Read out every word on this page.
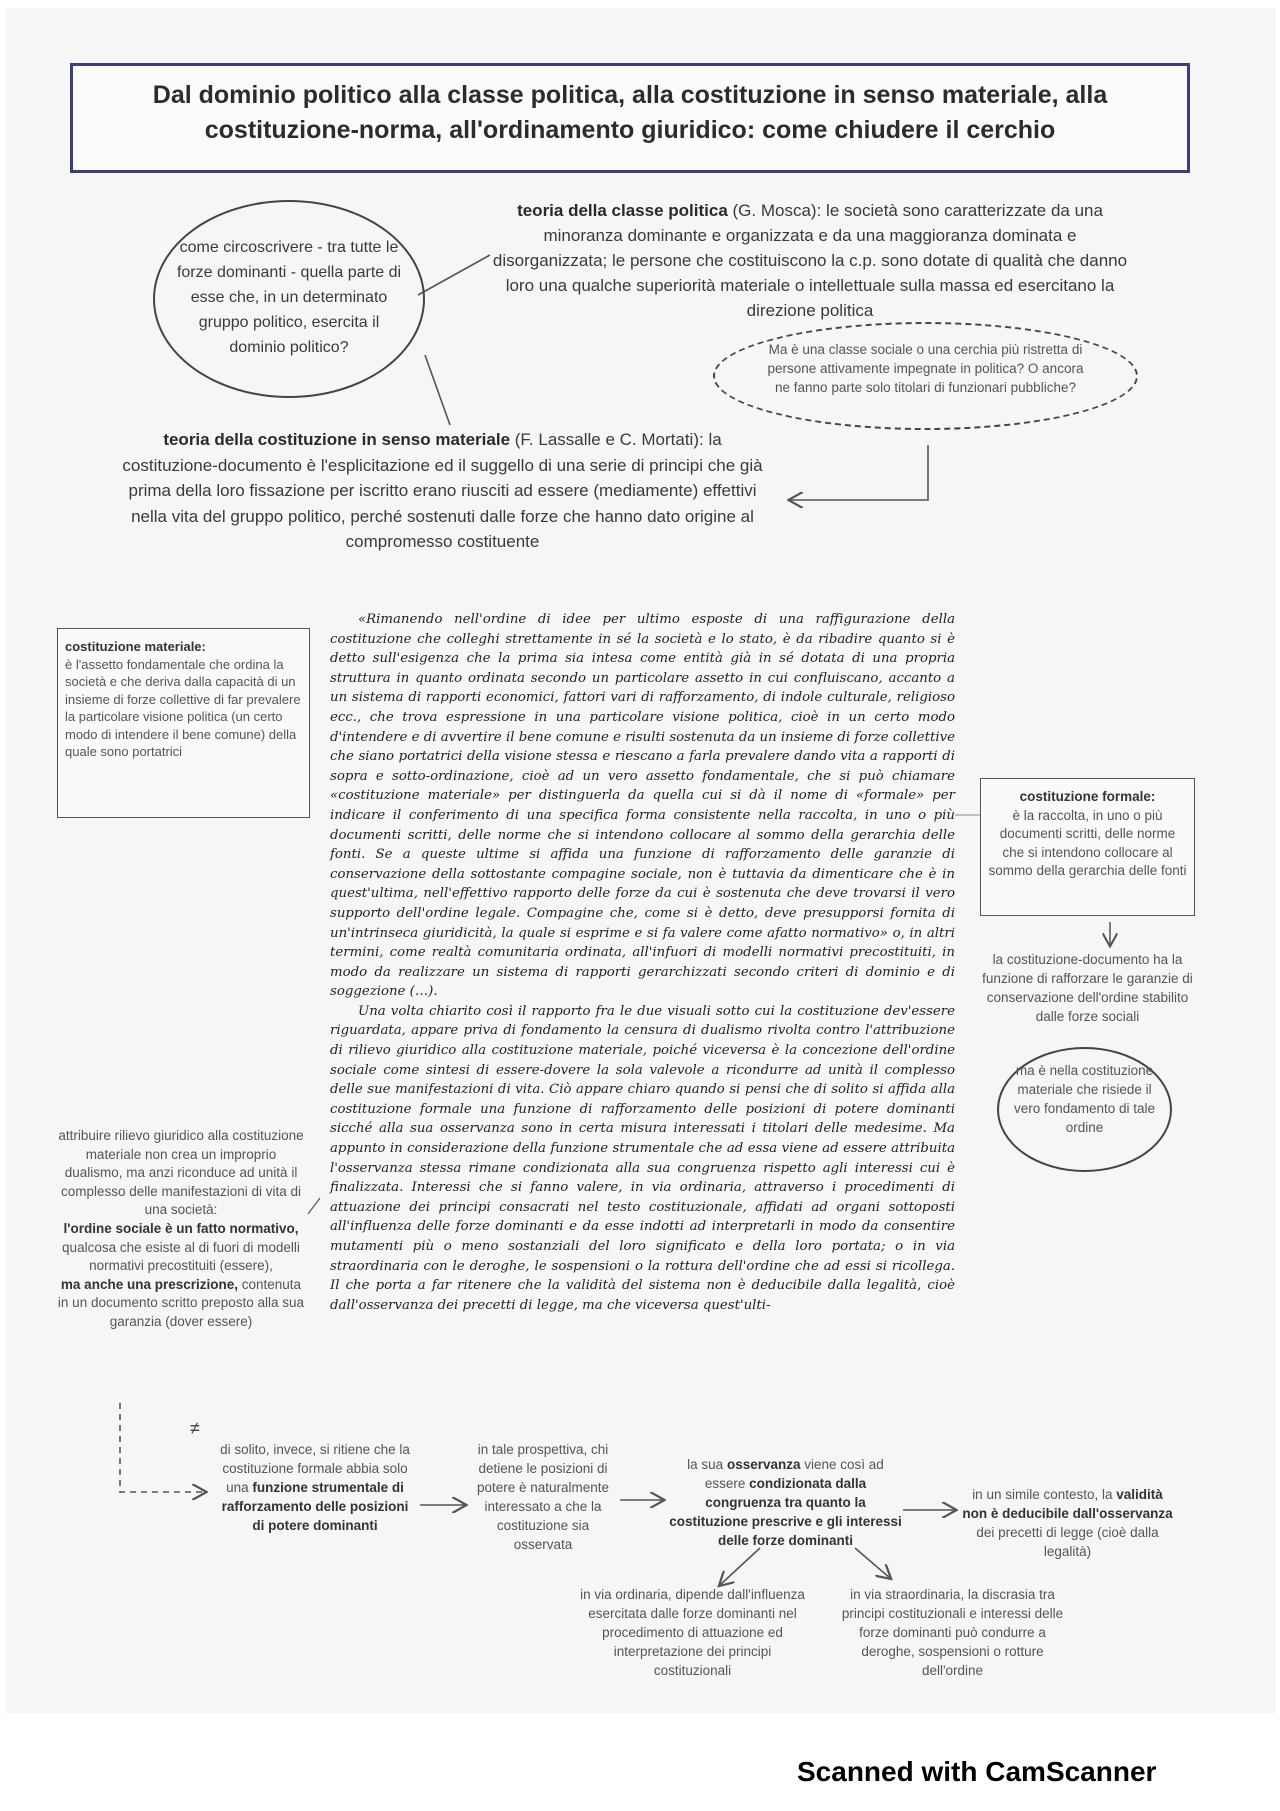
Dal dominio politico alla classe politica, alla costituzione in senso materiale, alla
costituzione-norma, all'ordinamento giuridico: come chiudere il cerchio
come circoscrivere - tra tutte le forze dominanti - quella parte di esse che, in un determinato gruppo politico, esercita il dominio politico?
teoria della classe politica (G. Mosca): le società sono caratterizzate da una minoranza dominante e organizzata e da una maggioranza dominata e disorganizzata; le persone che costituiscono la c.p. sono dotate di qualità che danno loro una qualche superiorità materiale o intellettuale sulla massa ed esercitano la direzione politica
Ma è una classe sociale o una cerchia più ristretta di persone attivamente impegnate in politica? O ancora ne fanno parte solo titolari di funzionari pubbliche?
teoria della costituzione in senso materiale (F. Lassalle e C. Mortati): la costituzione-documento è l'esplicitazione ed il suggello di una serie di principi che già prima della loro fissazione per iscritto erano riusciti ad essere (mediamente) effettivi nella vita del gruppo politico, perché sostenuti dalle forze che hanno dato origine al compromesso costituente
costituzione materiale:
è l'assetto fondamentale che ordina la società e che deriva dalla capacità di un insieme di forze collettive di far prevalere la particolare visione politica (un certo modo di intendere il bene comune) della quale sono portatrici

«Rimanendo nell'ordine di idee per ultimo esposte di una raffigurazione della costituzione che colleghi strettamente in sé la società e lo stato, è da ribadire quanto si è detto sull'esigenza che la prima sia intesa come entità già in sé dotata di una propria struttura in quanto ordinata secondo un particolare assetto in cui confluiscano, accanto a un sistema di rapporti economici, fattori vari di rafforzamento, di indole culturale, religioso ecc., che trova espressione in una particolare visione politica, cioè in un certo modo d'intendere e di avvertire il bene comune e risulti sostenuta da un insieme di forze collettive che siano portatrici della visione stessa e riescano a farla prevalere dando vita a rapporti di sopra e sotto-ordinazione, cioè ad un vero assetto fondamentale, che si può chiamare «costituzione materiale» per distinguerla da quella cui si dà il nome di «formale» per indicare il conferimento di una specifica forma consistente nella raccolta, in uno o più documenti scritti, delle norme che si intendono collocare al sommo della gerarchia delle fonti. Se a queste ultime si affida una funzione di rafforzamento delle garanzie di conservazione della sottostante compagine sociale, non è tuttavia da dimenticare che è in quest'ultima, nell'effettivo rapporto delle forze da cui è sostenuta che deve trovarsi il vero supporto dell'ordine legale. Compagine che, come si è detto, deve presupporsi fornita di un'intrinseca giuridicità, la quale si esprime e si fa valere come afatto normativo» o, in altri termini, come realtà comunitaria ordinata, all'infuori di modelli normativi precostituiti, in modo da realizzare un sistema di rapporti gerarchizzati secondo criteri di dominio e di soggezione (…).

Una volta chiarito così il rapporto fra le due visuali sotto cui la costituzione dev'essere riguardata, appare priva di fondamento la censura di dualismo rivolta contro l'attribuzione di rilievo giuridico alla costituzione materiale, poiché viceversa è la concezione dell'ordine sociale come sintesi di essere-dovere la sola valevole a ricondurre ad unità il complesso delle sue manifestazioni di vita. Ciò appare chiaro quando si pensi che di solito si affida alla costituzione formale una funzione di rafforzamento delle posizioni di potere dominanti sicché alla sua osservanza sono in certa misura interessati i titolari delle medesime. Ma appunto in considerazione della funzione strumentale che ad essa viene ad essere attribuita l'osservanza stessa rimane condizionata alla sua congruenza rispetto agli interessi cui è finalizzata. Interessi che si fanno valere, in via ordinaria, attraverso i procedimenti di attuazione dei principi consacrati nel testo costituzionale, affidati ad organi sottoposti all'influenza delle forze dominanti e da esse indotti ad interpretarli in modo da consentire mutamenti più o meno sostanziali del loro significato e della loro portata; o in via straordinaria con le deroghe, le sospensioni o la rottura dell'ordine che ad essi si ricollega. Il che porta a far ritenere che la validità del sistema non è deducibile dalla legalità, cioè dall'osservanza dei precetti di legge, ma che viceversa quest'ulti-

costituzione formale:
è la raccolta, in uno o più documenti scritti, delle norme che si intendono collocare al sommo della gerarchia delle fonti
la costituzione-documento ha la funzione di rafforzare le garanzie di conservazione dell'ordine stabilito dalle forze sociali
ma è nella costituzione materiale che risiede il vero fondamento di tale ordine
attribuire rilievo giuridico alla costituzione materiale non crea un improprio dualismo, ma anzi riconduce ad unità il complesso delle manifestazioni di vita di una società:
l'ordine sociale è un fatto normativo, qualcosa che esiste al di fuori di modelli normativi precostituiti (essere),
ma anche una prescrizione, contenuta in un documento scritto preposto alla sua garanzia (dover essere)
≠
di solito, invece, si ritiene che la costituzione formale abbia solo una funzione strumentale di rafforzamento delle posizioni di potere dominanti
in tale prospettiva, chi detiene le posizioni di potere è naturalmente interessato a che la costituzione sia osservata
la sua osservanza viene così ad essere condizionata dalla congruenza tra quanto la costituzione prescrive e gli interessi delle forze dominanti
in un simile contesto, la validità non è deducibile dall'osservanza dei precetti di legge (cioè dalla legalità)
in via ordinaria, dipende dall'influenza esercitata dalle forze dominanti nel procedimento di attuazione ed interpretazione dei principi costituzionali
in via straordinaria, la discrasia tra principi costituzionali e interessi delle forze dominanti può condurre a deroghe, sospensioni o rotture dell'ordine
Scanned with CamScanner
